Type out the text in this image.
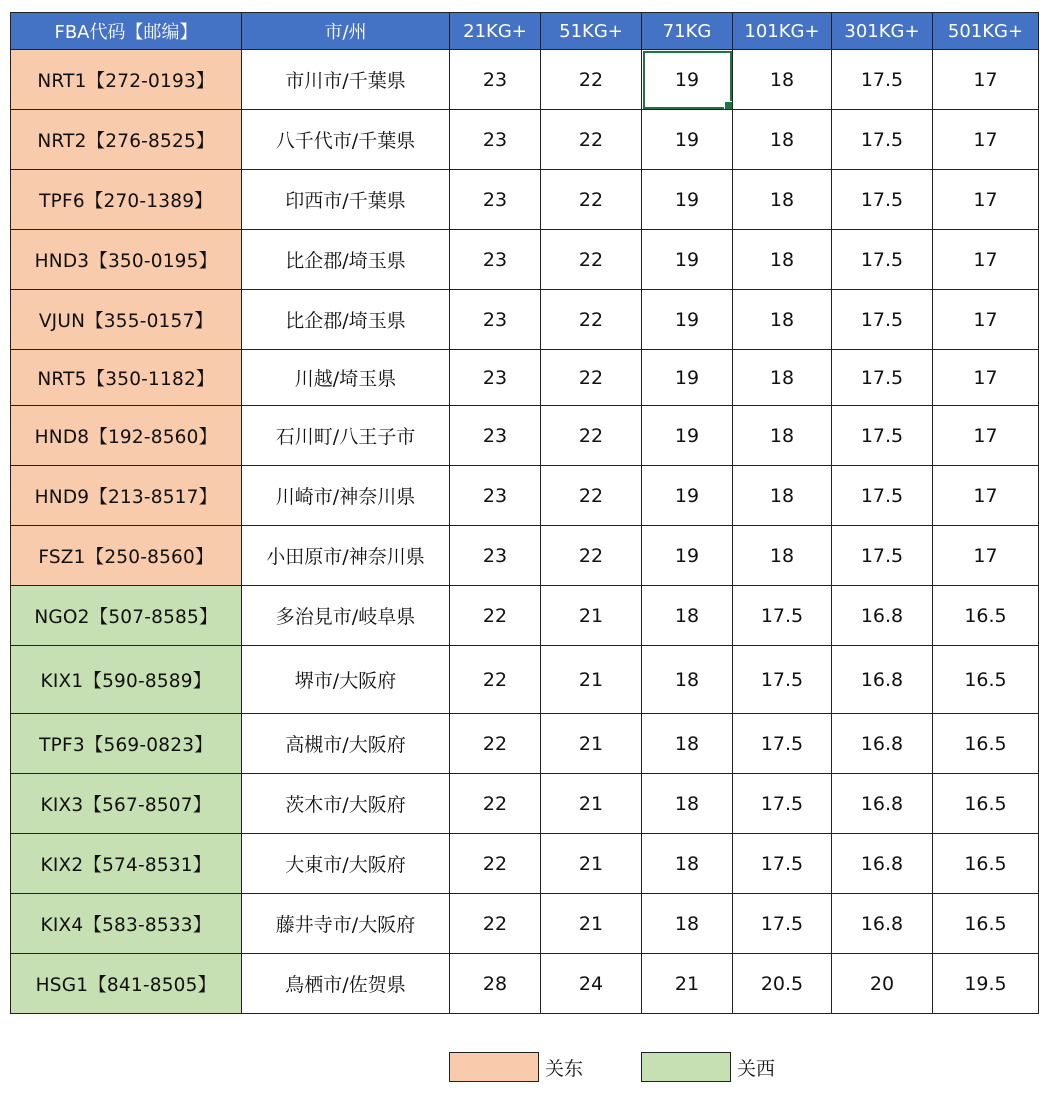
FBA代码【邮编】	市/州	21KG+	51KG+	71KG	101KG+	301KG+	501KG+
NRT1【272-0193】	市川市/千葉県	23	22	19	18	17.5	17
NRT2【276-8525】	八千代市/千葉県	23	22	19	18	17.5	17
TPF6【270-1389】	印西市/千葉県	23	22	19	18	17.5	17
HND3【350-0195】	比企郡/埼玉県	23	22	19	18	17.5	17
VJUN【355-0157】	比企郡/埼玉県	23	22	19	18	17.5	17
NRT5【350-1182】	川越/埼玉県	23	22	19	18	17.5	17
HND8【192-8560】	石川町/八王子市	23	22	19	18	17.5	17
HND9【213-8517】	川崎市/神奈川県	23	22	19	18	17.5	17
FSZ1【250-8560】	小田原市/神奈川県	23	22	19	18	17.5	17
NGO2【507-8585】	多治見市/岐阜県	22	21	18	17.5	16.8	16.5
KIX1【590-8589】	堺市/大阪府	22	21	18	17.5	16.8	16.5
TPF3【569-0823】	高槻市/大阪府	22	21	18	17.5	16.8	16.5
KIX3【567-8507】	茨木市/大阪府	22	21	18	17.5	16.8	16.5
KIX2【574-8531】	大東市/大阪府	22	21	18	17.5	16.8	16.5
KIX4【583-8533】	藤井寺市/大阪府	22	21	18	17.5	16.8	16.5
HSG1【841-8505】	鳥栖市/佐贺県	28	24	21	20.5	20	19.5
关东	关西
